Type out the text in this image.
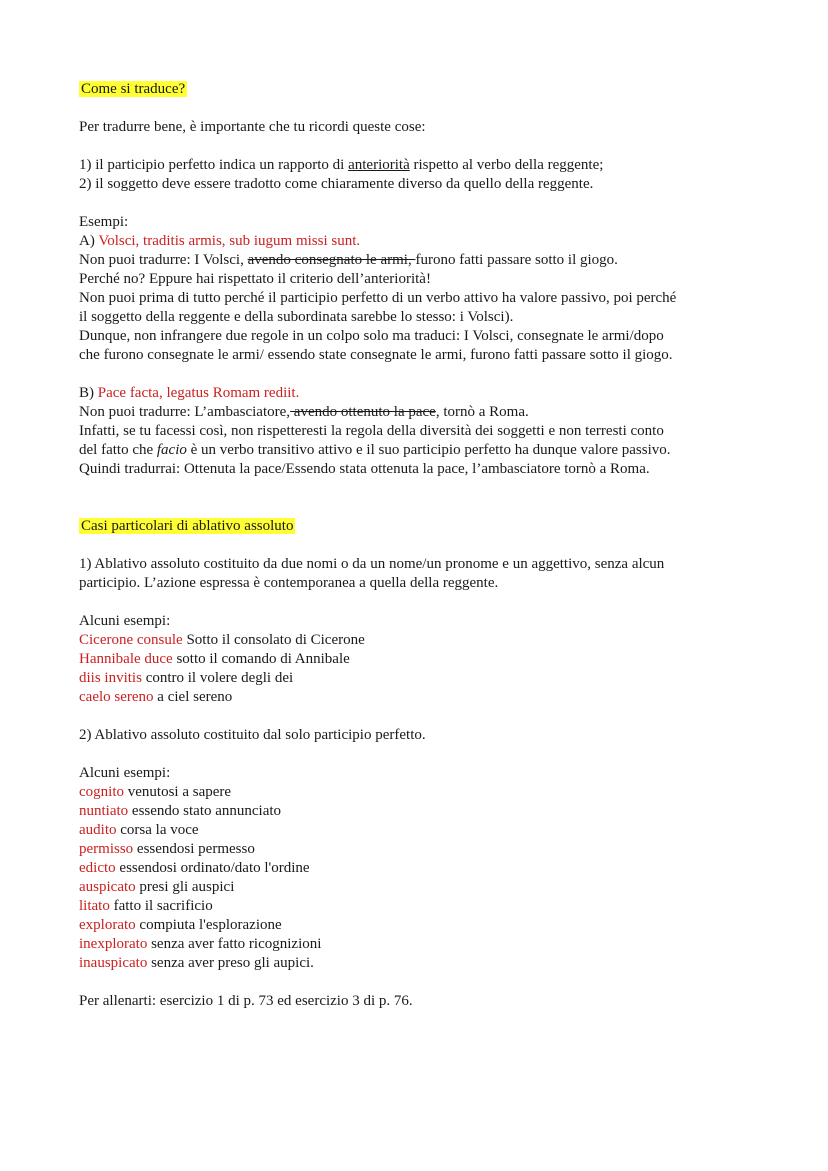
Come si traduce?
Per tradurre bene, è importante che tu ricordi queste cose:
1) il participio perfetto indica un rapporto di anteriorità rispetto al verbo della reggente;
2) il soggetto deve essere tradotto come chiaramente diverso da quello della reggente.
Esempi:
A) Volsci, traditis armis, sub iugum missi sunt.
Non puoi tradurre: I Volsci, avendo consegnato le armi, furono fatti passare sotto il giogo.
Perché no? Eppure hai rispettato il criterio dell’anteriorità!
Non puoi prima di tutto perché il participio perfetto di un verbo attivo ha valore passivo, poi perché
il soggetto della reggente e della subordinata sarebbe lo stesso: i Volsci).
Dunque, non infrangere due regole in un colpo solo ma traduci: I Volsci, consegnate le armi/dopo
che furono consegnate le armi/ essendo state consegnate le armi, furono fatti passare sotto il giogo.
B) Pace facta, legatus Romam rediit.
Non puoi tradurre: L’ambasciatore, avendo ottenuto la pace, tornò a Roma.
Infatti, se tu facessi così, non rispetteresti la regola della diversità dei soggetti e non terresti conto
del fatto che facio è un verbo transitivo attivo e il suo participio perfetto ha dunque valore passivo.
Quindi tradurrai: Ottenuta la pace/Essendo stata ottenuta la pace, l’ambasciatore tornò a Roma.
Casi particolari di ablativo assoluto
1) Ablativo assoluto costituito da due nomi o da un nome/un pronome e un aggettivo, senza alcun
participio. L’azione espressa è contemporanea a quella della reggente.
Alcuni esempi:
Cicerone consule Sotto il consolato di Cicerone
Hannibale duce sotto il comando di Annibale
diis invitis contro il volere degli dei
caelo sereno a ciel sereno
2) Ablativo assoluto costituito dal solo participio perfetto.
Alcuni esempi:
cognito venutosi a sapere
nuntiato essendo stato annunciato
audito corsa la voce
permisso essendosi permesso
edicto essendosi ordinato/dato l'ordine
auspicato presi gli auspici
litato fatto il sacrificio
explorato compiuta l'esplorazione
inexplorato senza aver fatto ricognizioni
inauspicato senza aver preso gli aupici.
Per allenarti: esercizio 1 di p. 73 ed esercizio 3 di p. 76.
